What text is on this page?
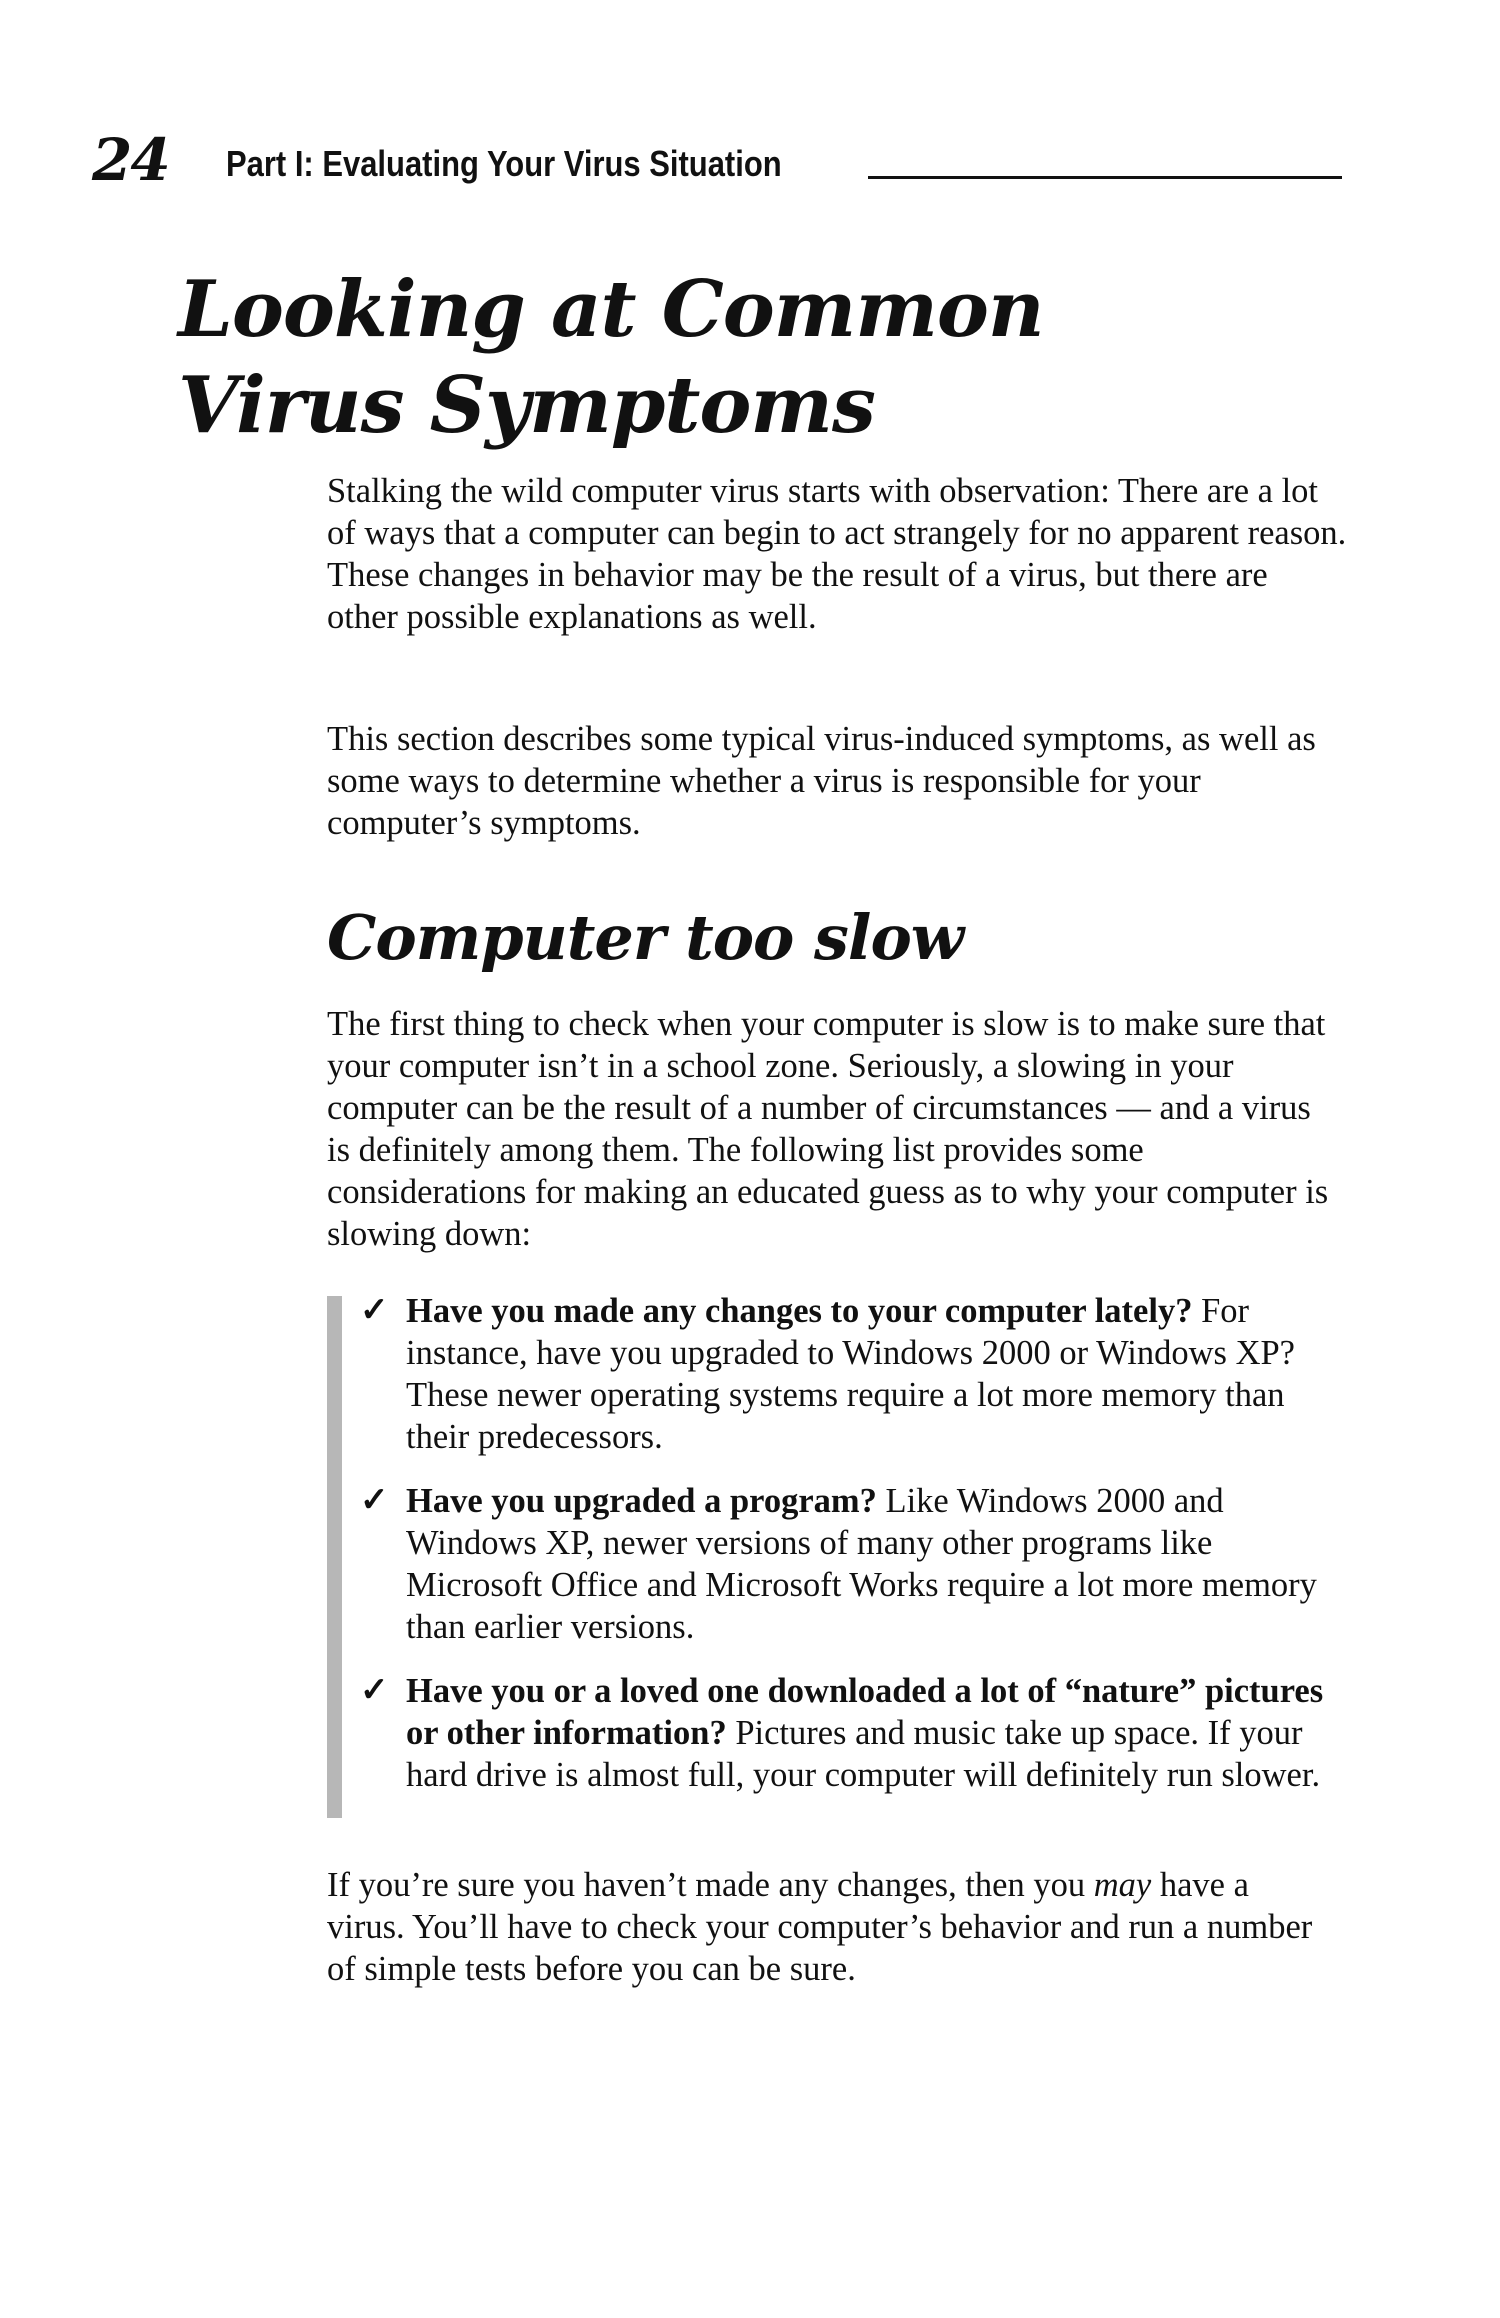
24 Part I: Evaluating Your Virus Situation
Looking at Common
Virus Symptoms

Stalking the wild computer virus starts with observation: There are a lot of ways that a computer can begin to act strangely for no apparent reason. These changes in behavior may be the result of a virus, but there are other possible explanations as well.

This section describes some typical virus-induced symptoms, as well as some ways to determine whether a virus is responsible for your computer’s symptoms.

Computer too slow

The first thing to check when your computer is slow is to make sure that your computer isn’t in a school zone. Seriously, a slowing in your computer can be the result of a number of circumstances — and a virus is definitely among them. The following list provides some considerations for making an educated guess as to why your computer is slowing down:

✓ Have you made any changes to your computer lately? For instance, have you upgraded to Windows 2000 or Windows XP? These newer operating systems require a lot more memory than their predecessors.
✓ Have you upgraded a program? Like Windows 2000 and Windows XP, newer versions of many other programs like Microsoft Office and Microsoft Works require a lot more memory than earlier versions.
✓ Have you or a loved one downloaded a lot of “nature” pictures or other information? Pictures and music take up space. If your hard drive is almost full, your computer will definitely run slower.

If you’re sure you haven’t made any changes, then you may have a virus. You’ll have to check your computer’s behavior and run a number of simple tests before you can be sure.
